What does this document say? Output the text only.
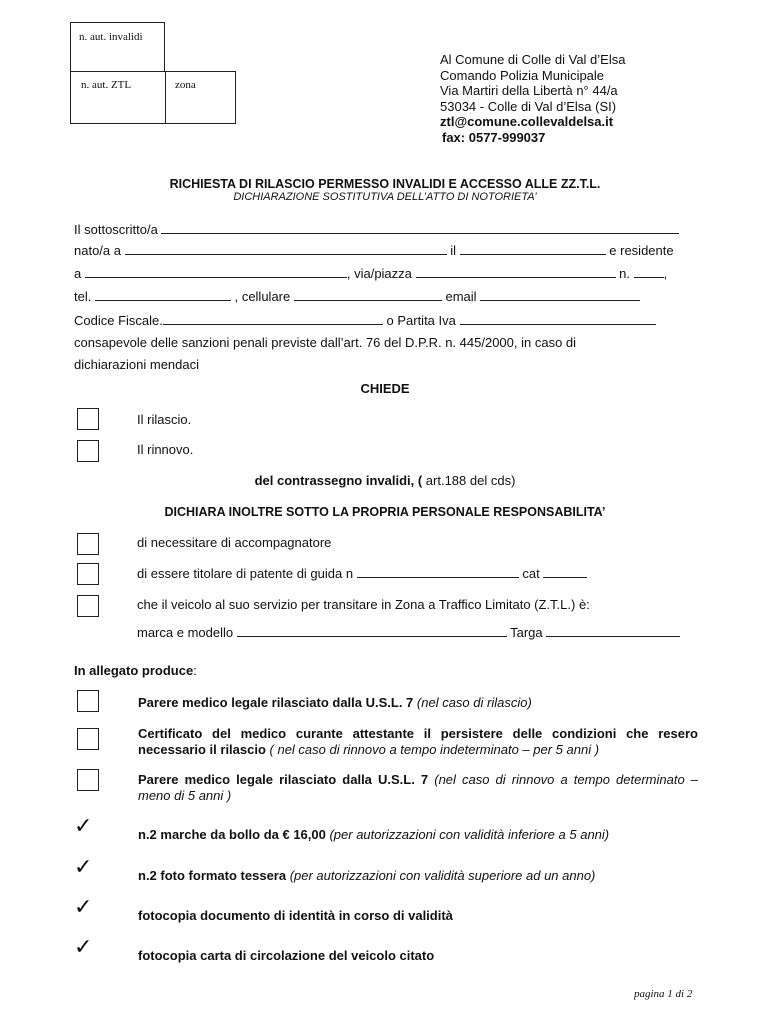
n. aut. invalidi
n. aut. ZTL	zona
Al Comune di Colle di Val d’Elsa
Comando Polizia Municipale
Via Martiri della Libertà n° 44/a
53034 - Colle di Val d’Elsa (SI)
ztl@comune.collevaldelsa.it
fax: 0577-999037
RICHIESTA DI RILASCIO PERMESSO INVALIDI E ACCESSO ALLE ZZ.T.L.
DICHIARAZIONE SOSTITUTIVA DELL’ATTO DI NOTORIETA’
Il sottoscritto/a
nato/a a	il	e residente
a	, via/piazza	n.	,
tel.	, cellulare	email
Codice Fiscale.	o Partita Iva
consapevole delle sanzioni penali previste dall’art. 76 del D.P.R. n. 445/2000, in caso di
dichiarazioni mendaci
CHIEDE
Il rilascio.
Il rinnovo.
del contrassegno invalidi, ( art.188 del cds)
DICHIARA INOLTRE SOTTO LA PROPRIA PERSONALE RESPONSABILITA’
di necessitare di accompagnatore
di essere titolare di patente di guida n	cat
che il veicolo al suo servizio per transitare in Zona a Traffico Limitato (Z.T.L.) è:
marca e modello	Targa
In allegato produce:
Parere medico legale rilasciato dalla U.S.L. 7 (nel caso di rilascio)
Certificato del medico curante attestante il persistere delle condizioni che resero necessario il rilascio ( nel caso di rinnovo a tempo indeterminato – per 5 anni )
Parere medico legale rilasciato dalla U.S.L. 7 (nel caso di rinnovo a tempo determinato – meno di 5 anni )
✓	n.2 marche da bollo da € 16,00 (per autorizzazioni con validità inferiore a 5 anni)
✓	n.2 foto formato tessera (per autorizzazioni con validità superiore ad un anno)
✓	fotocopia documento di identità in corso di validità
✓	fotocopia carta di circolazione del veicolo citato
pagina 1 di 2
